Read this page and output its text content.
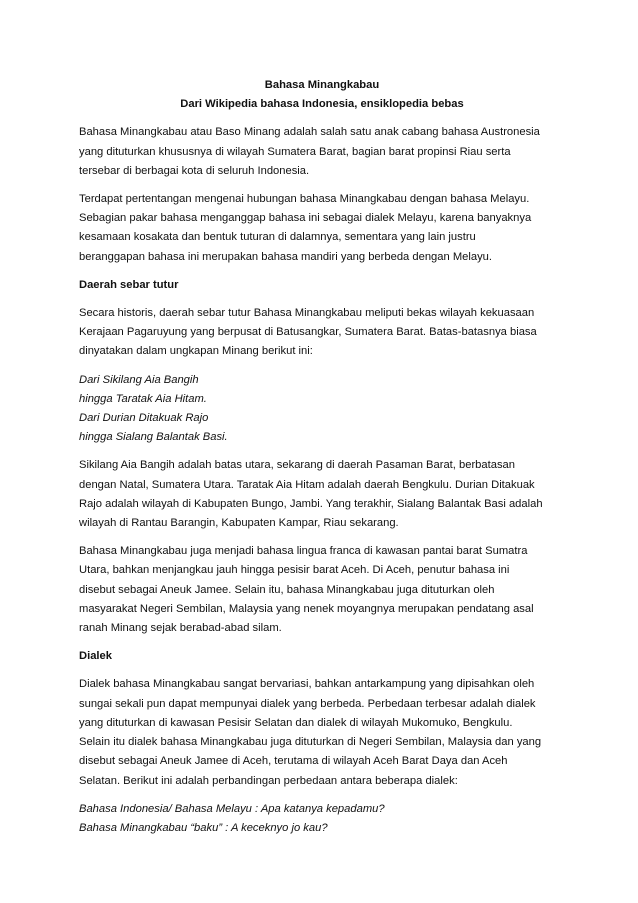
Bahasa Minangkabau
Dari Wikipedia bahasa Indonesia, ensiklopedia bebas

Bahasa Minangkabau atau Baso Minang adalah salah satu anak cabang bahasa Austronesia
yang dituturkan khususnya di wilayah Sumatera Barat, bagian barat propinsi Riau serta
tersebar di berbagai kota di seluruh Indonesia.

Terdapat pertentangan mengenai hubungan bahasa Minangkabau dengan bahasa Melayu.
Sebagian pakar bahasa menganggap bahasa ini sebagai dialek Melayu, karena banyaknya
kesamaan kosakata dan bentuk tuturan di dalamnya, sementara yang lain justru
beranggapan bahasa ini merupakan bahasa mandiri yang berbeda dengan Melayu.

Daerah sebar tutur

Secara historis, daerah sebar tutur Bahasa Minangkabau meliputi bekas wilayah kekuasaan
Kerajaan Pagaruyung yang berpusat di Batusangkar, Sumatera Barat. Batas-batasnya biasa
dinyatakan dalam ungkapan Minang berikut ini:

Dari Sikilang Aia Bangih
hingga Taratak Aia Hitam.
Dari Durian Ditakuak Rajo
hingga Sialang Balantak Basi.

Sikilang Aia Bangih adalah batas utara, sekarang di daerah Pasaman Barat, berbatasan
dengan Natal, Sumatera Utara. Taratak Aia Hitam adalah daerah Bengkulu. Durian Ditakuak
Rajo adalah wilayah di Kabupaten Bungo, Jambi. Yang terakhir, Sialang Balantak Basi adalah
wilayah di Rantau Barangin, Kabupaten Kampar, Riau sekarang.

Bahasa Minangkabau juga menjadi bahasa lingua franca di kawasan pantai barat Sumatra
Utara, bahkan menjangkau jauh hingga pesisir barat Aceh. Di Aceh, penutur bahasa ini
disebut sebagai Aneuk Jamee. Selain itu, bahasa Minangkabau juga dituturkan oleh
masyarakat Negeri Sembilan, Malaysia yang nenek moyangnya merupakan pendatang asal
ranah Minang sejak berabad-abad silam.

Dialek

Dialek bahasa Minangkabau sangat bervariasi, bahkan antarkampung yang dipisahkan oleh
sungai sekali pun dapat mempunyai dialek yang berbeda. Perbedaan terbesar adalah dialek
yang dituturkan di kawasan Pesisir Selatan dan dialek di wilayah Mukomuko, Bengkulu.
Selain itu dialek bahasa Minangkabau juga dituturkan di Negeri Sembilan, Malaysia dan yang
disebut sebagai Aneuk Jamee di Aceh, terutama di wilayah Aceh Barat Daya dan Aceh
Selatan. Berikut ini adalah perbandingan perbedaan antara beberapa dialek:

Bahasa Indonesia/ Bahasa Melayu : Apa katanya kepadamu?
Bahasa Minangkabau “baku” : A keceknyo jo kau?
